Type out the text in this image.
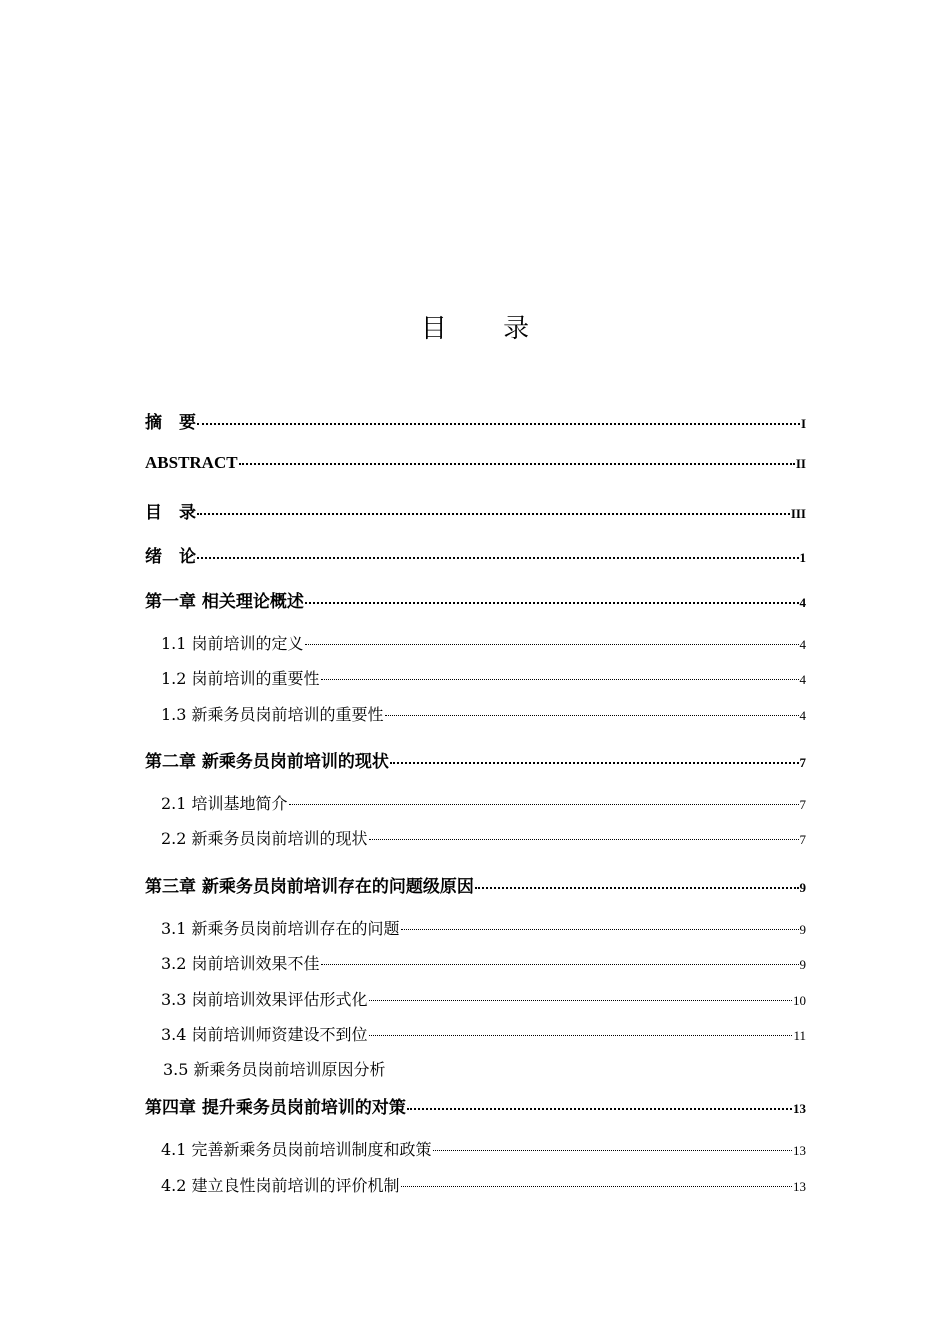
目 录
摘　要	I
ABSTRACT	II
目　录	III
绪　论	1
第一章 相关理论概述	4
1.1 岗前培训的定义	4
1.2 岗前培训的重要性	4
1.3 新乘务员岗前培训的重要性	4
第二章 新乘务员岗前培训的现状	7
2.1 培训基地简介	7
2.2 新乘务员岗前培训的现状	7
第三章 新乘务员岗前培训存在的问题级原因	9
3.1 新乘务员岗前培训存在的问题	9
3.2 岗前培训效果不佳	9
3.3 岗前培训效果评估形式化	10
3.4 岗前培训师资建设不到位	11
3.5 新乘务员岗前培训原因分析
第四章 提升乘务员岗前培训的对策	13
4.1 完善新乘务员岗前培训制度和政策	13
4.2 建立良性岗前培训的评价机制	13
